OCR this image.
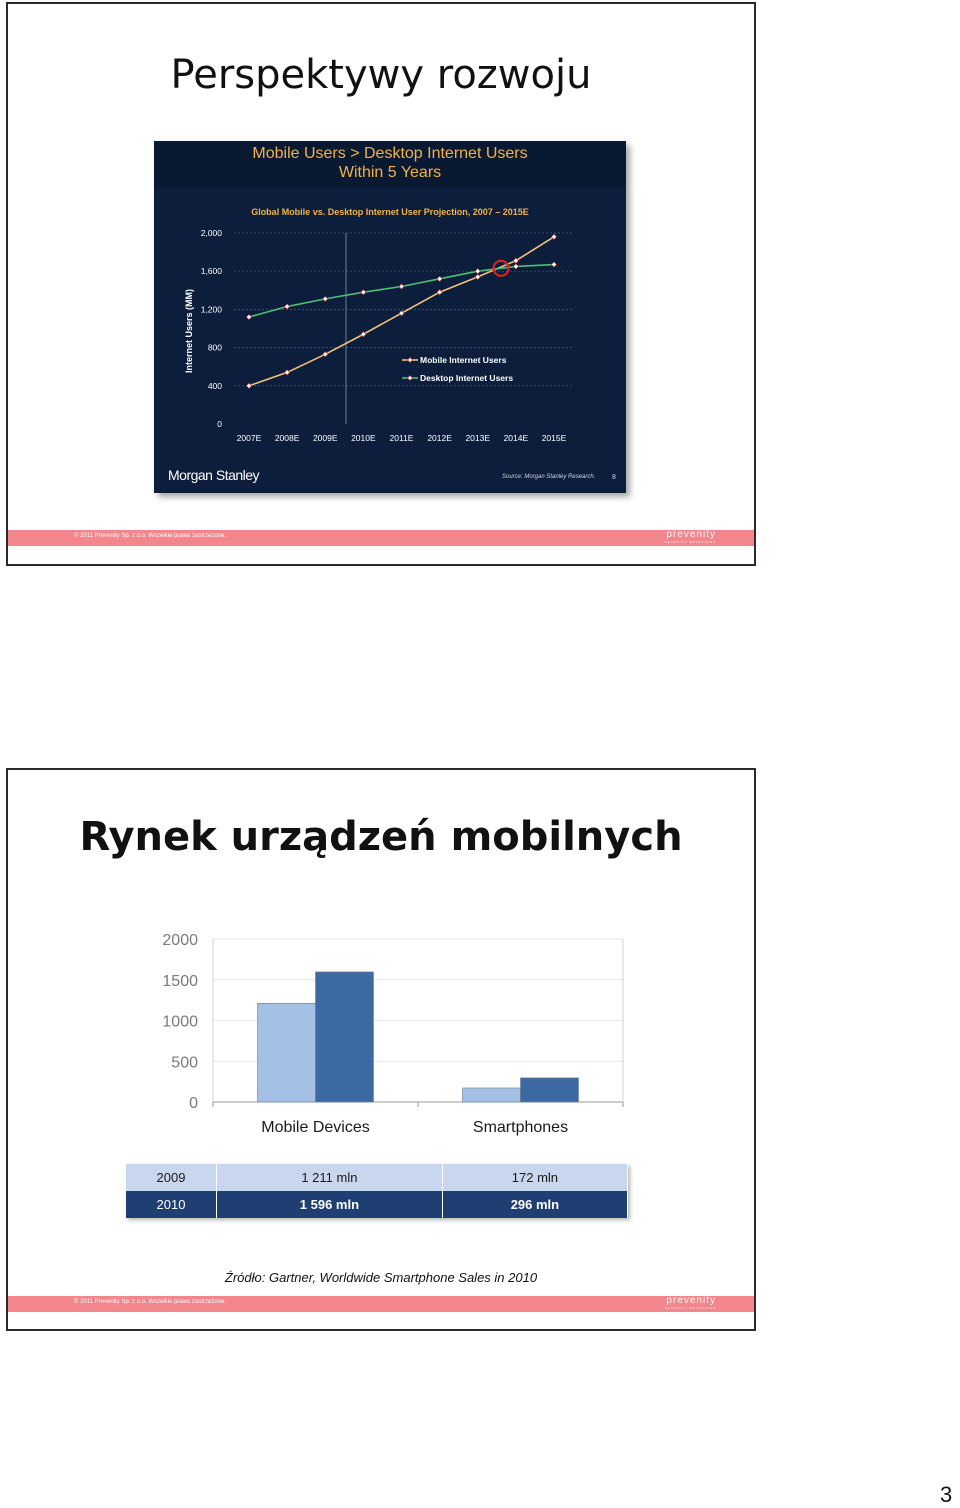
Perspektywy rozwoju
Mobile Users > Desktop Internet Users
Within 5 Years
Global Mobile vs. Desktop Internet User Projection, 2007 – 2015E
Internet Users (MM)
0
400
800
1,200
1,600
2,000
2007E 2008E 2009E 2010E 2011E 2012E 2013E 2014E 2015E
Mobile Internet Users
Desktop Internet Users
Morgan Stanley	Source: Morgan Stanley Research. 8
© 2011 Prevenity Sp. z o.o. Wszelkie prawa zastrzeżone.	prevenity
SECURITY SOLUTIONS
Rynek urządzeń mobilnych
0
500
1000
1500
2000
Mobile Devices	Smartphones
2009	1 211 mln	172 mln
2010	1 596 mln	296 mln
Źródło: Gartner, Worldwide Smartphone Sales in 2010
© 2011 Prevenity Sp. z o.o. Wszelkie prawa zastrzeżone.	prevenity
SECURITY SOLUTIONS
3
